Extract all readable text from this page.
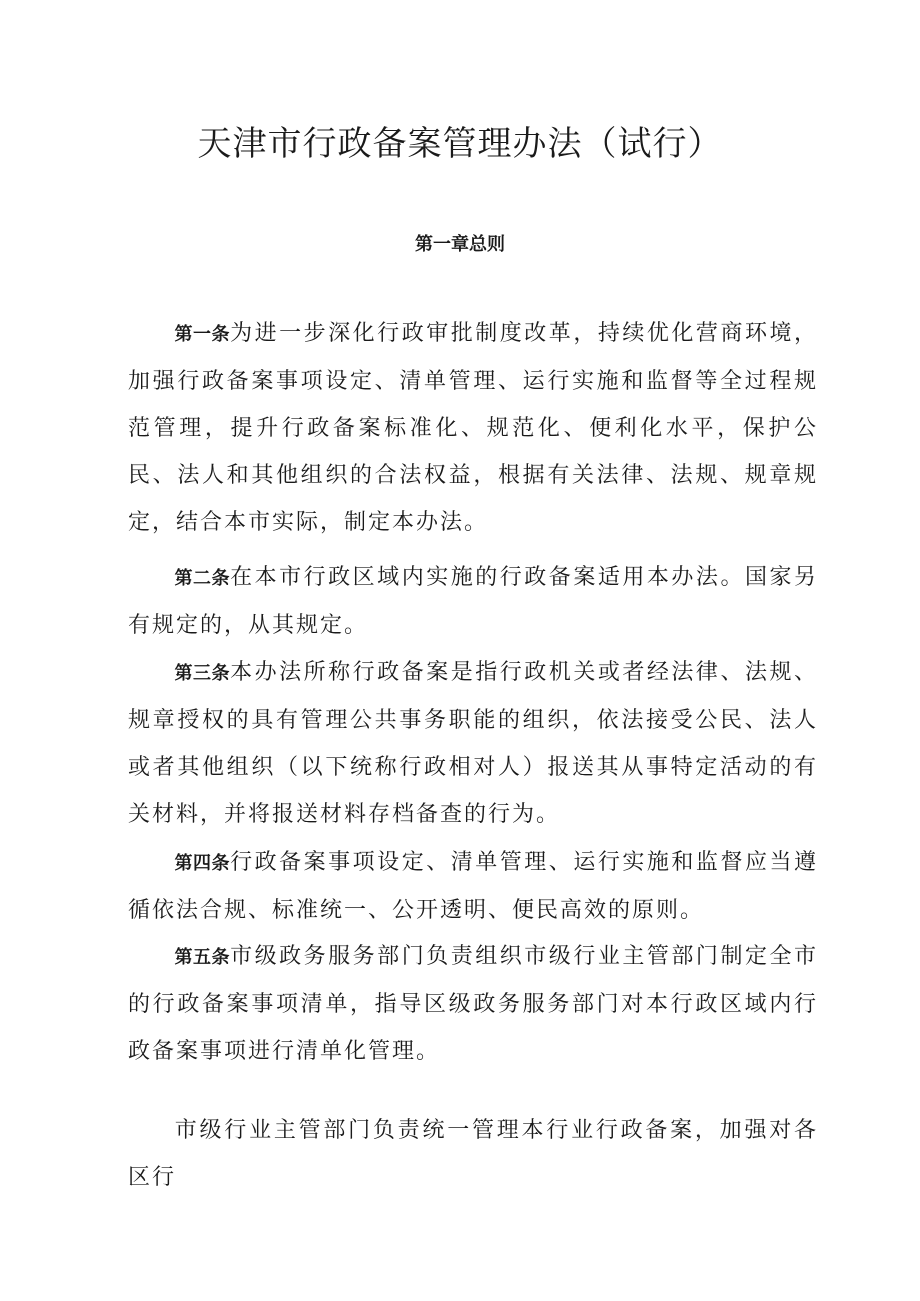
天津市行政备案管理办法（试行）
第一章总则

第一条为进一步深化行政审批制度改革，持续优化营商环境，加强行政备案事项设定、清单管理、运行实施和监督等全过程规范管理，提升行政备案标准化、规范化、便利化水平，保护公民、法人和其他组织的合法权益，根据有关法律、法规、规章规定，结合本市实际，制定本办法。

第二条在本市行政区域内实施的行政备案适用本办法。国家另有规定的，从其规定。

第三条本办法所称行政备案是指行政机关或者经法律、法规、规章授权的具有管理公共事务职能的组织，依法接受公民、法人或者其他组织（以下统称行政相对人）报送其从事特定活动的有关材料，并将报送材料存档备查的行为。

第四条行政备案事项设定、清单管理、运行实施和监督应当遵循依法合规、标准统一、公开透明、便民高效的原则。

第五条市级政务服务部门负责组织市级行业主管部门制定全市的行政备案事项清单，指导区级政务服务部门对本行政区域内行政备案事项进行清单化管理。

市级行业主管部门负责统一管理本行业行政备案，加强对各区行
